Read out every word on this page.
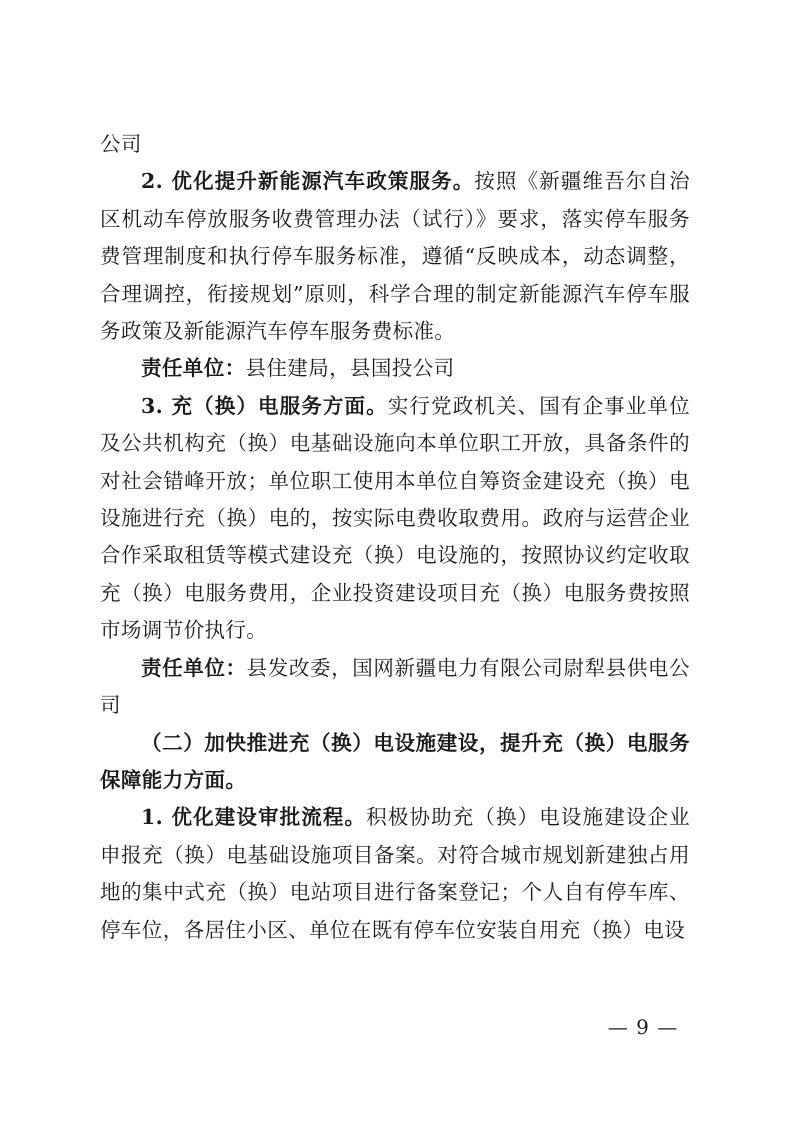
公司

2. 优化提升新能源汽车政策服务。按照《新疆维吾尔自治区机动车停放服务收费管理办法（试行）》要求，落实停车服务费管理制度和执行停车服务标准，遵循“反映成本，动态调整，合理调控，衔接规划”原则，科学合理的制定新能源汽车停车服务政策及新能源汽车停车服务费标准。

责任单位：县住建局，县国投公司

3. 充（换）电服务方面。实行党政机关、国有企事业单位及公共机构充（换）电基础设施向本单位职工开放，具备条件的对社会错峰开放；单位职工使用本单位自筹资金建设充（换）电设施进行充（换）电的，按实际电费收取费用。政府与运营企业合作采取租赁等模式建设充（换）电设施的，按照协议约定收取充（换）电服务费用，企业投资建设项目充（换）电服务费按照市场调节价执行。

责任单位：县发改委，国网新疆电力有限公司尉犁县供电公司

（二）加快推进充（换）电设施建设，提升充（换）电服务保障能力方面。

1. 优化建设审批流程。积极协助充（换）电设施建设企业申报充（换）电基础设施项目备案。对符合城市规划新建独占用地的集中式充（换）电站项目进行备案登记；个人自有停车库、停车位，各居住小区、单位在既有停车位安装自用充（换）电设

— 9 —
